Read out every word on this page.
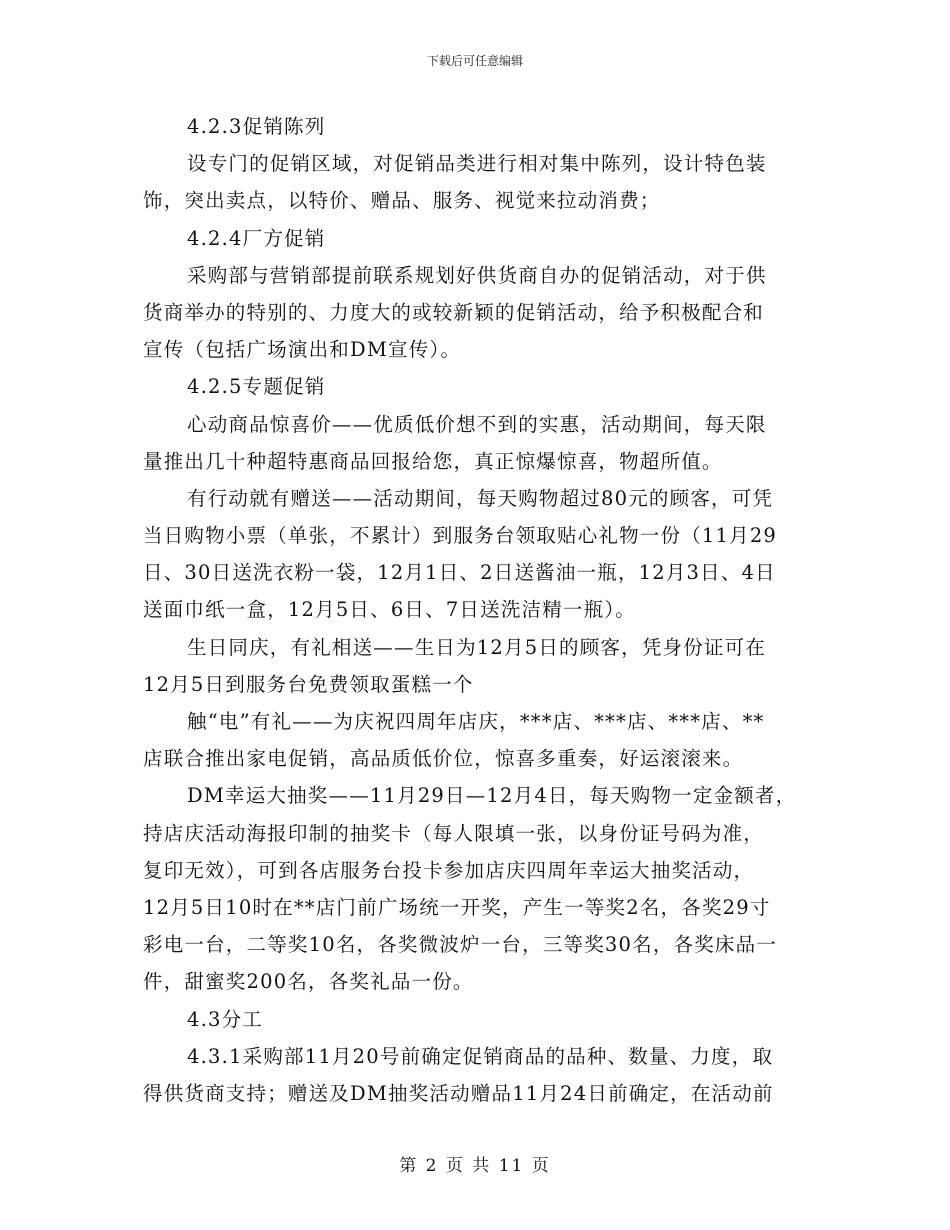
下载后可任意编辑
4.2.3促销陈列
设专门的促销区域，对促销品类进行相对集中陈列，设计特色装
饰，突出卖点，以特价、赠品、服务、视觉来拉动消费；
4.2.4厂方促销
采购部与营销部提前联系规划好供货商自办的促销活动，对于供
货商举办的特别的、力度大的或较新颖的促销活动，给予积极配合和
宣传（包括广场演出和DM宣传）。
4.2.5专题促销
心动商品惊喜价——优质低价想不到的实惠，活动期间，每天限
量推出几十种超特惠商品回报给您，真正惊爆惊喜，物超所值。
有行动就有赠送——活动期间，每天购物超过80元的顾客，可凭
当日购物小票（单张，不累计）到服务台领取贴心礼物一份（11月29
日、30日送洗衣粉一袋，12月1日、2日送酱油一瓶，12月3日、4日
送面巾纸一盒，12月5日、6日、7日送洗洁精一瓶）。
生日同庆，有礼相送——生日为12月5日的顾客，凭身份证可在
12月5日到服务台免费领取蛋糕一个
触“电”有礼——为庆祝四周年店庆，***店、***店、***店、**
店联合推出家电促销，高品质低价位，惊喜多重奏，好运滚滚来。
DM幸运大抽奖——11月29日—12月4日，每天购物一定金额者，
持店庆活动海报印制的抽奖卡（每人限填一张，以身份证号码为准，
复印无效），可到各店服务台投卡参加店庆四周年幸运大抽奖活动，
12月5日10时在**店门前广场统一开奖，产生一等奖2名，各奖29寸
彩电一台，二等奖10名，各奖微波炉一台，三等奖30名，各奖床品一
件，甜蜜奖200名，各奖礼品一份。
4.3分工
4.3.1采购部11月20号前确定促销商品的品种、数量、力度，取
得供货商支持；赠送及DM抽奖活动赠品11月24日前确定，在活动前
第 2 页 共 11 页
